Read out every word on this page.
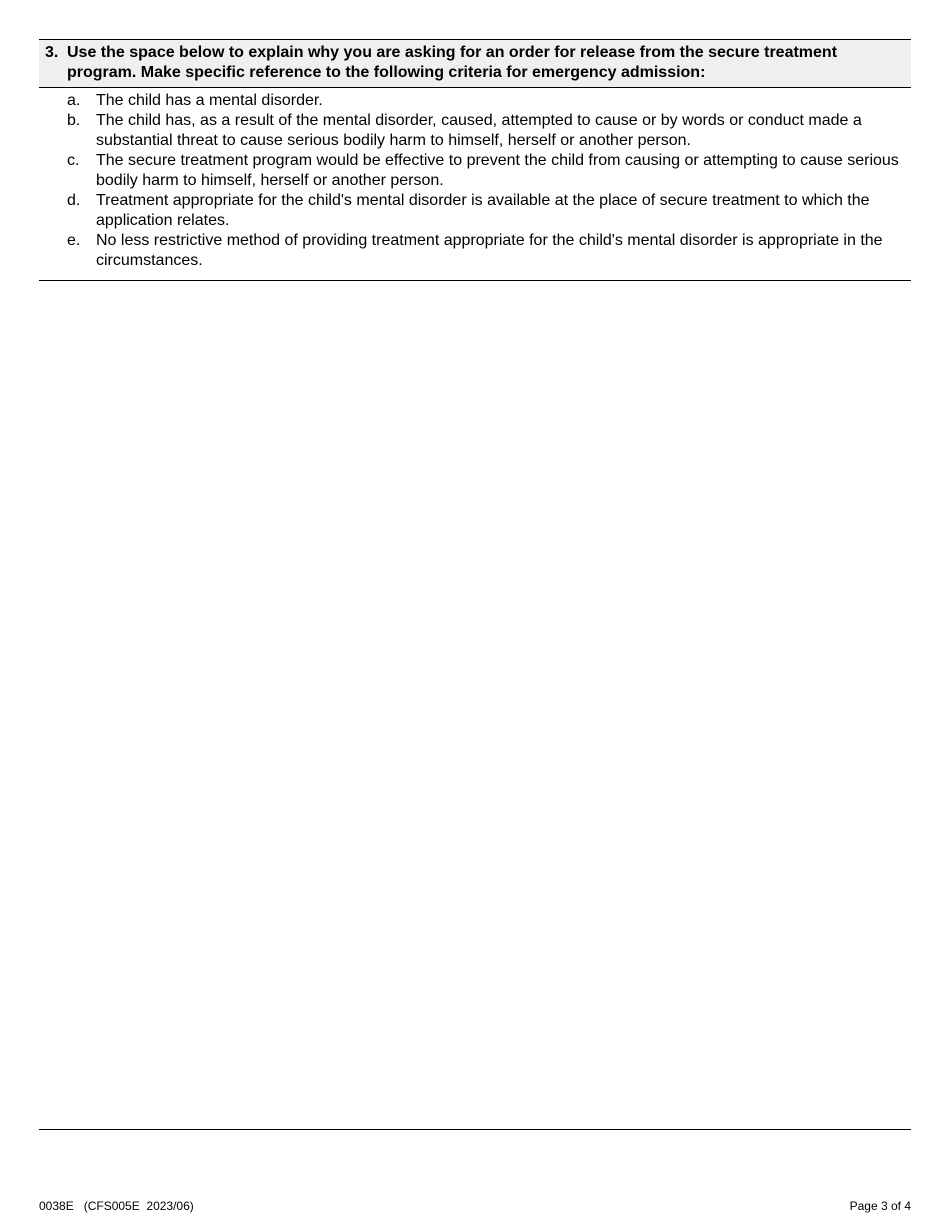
3. Use the space below to explain why you are asking for an order for release from the secure treatment program. Make specific reference to the following criteria for emergency admission:
a. The child has a mental disorder.
b. The child has, as a result of the mental disorder, caused, attempted to cause or by words or conduct made a substantial threat to cause serious bodily harm to himself, herself or another person.
c. The secure treatment program would be effective to prevent the child from causing or attempting to cause serious bodily harm to himself, herself or another person.
d. Treatment appropriate for the child's mental disorder is available at the place of secure treatment to which the application relates.
e. No less restrictive method of providing treatment appropriate for the child's mental disorder is appropriate in the circumstances.
0038E   (CFS005E  2023/06)	Page 3 of 4
